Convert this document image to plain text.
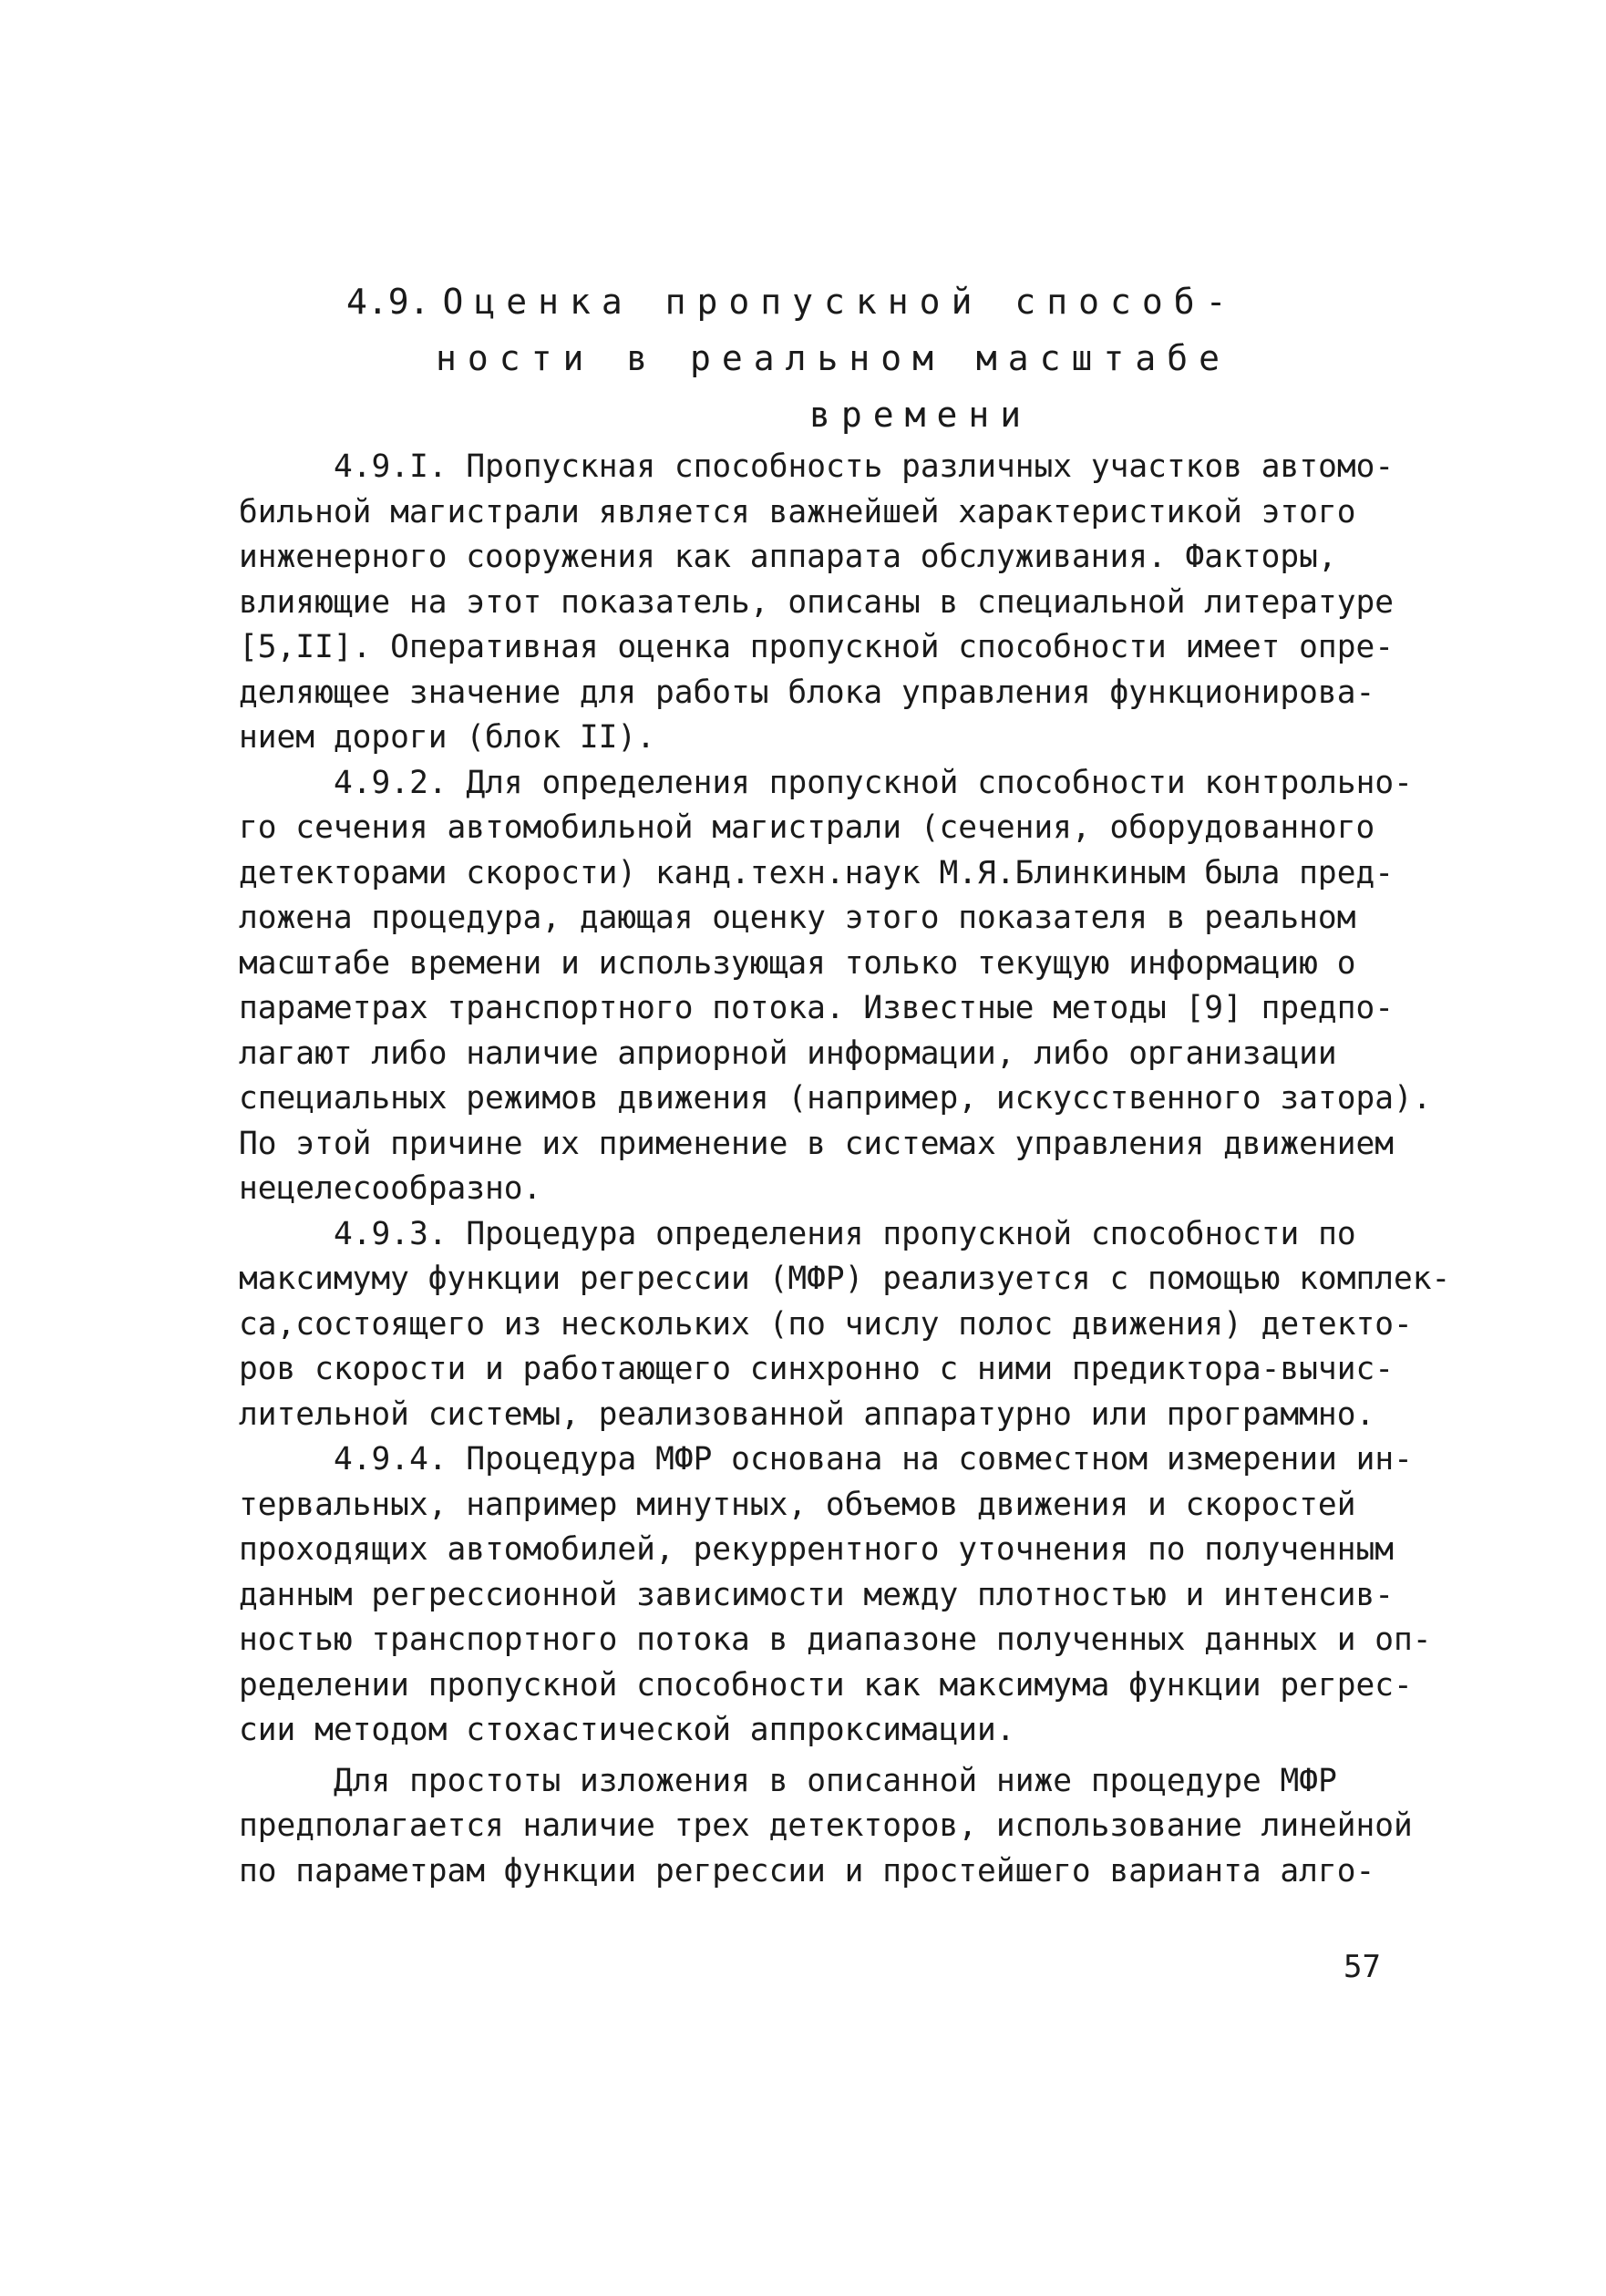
4.9. Оценка пропускной способ-
ности в реальном масштабе
времени
4.9.I. Пропускная способность различных участков автомо-
бильной магистрали является важнейшей характеристикой этого
инженерного сооружения как аппарата обслуживания. Факторы,
влияющие на этот показатель, описаны в специальной литературе
[5,II]. Оперативная оценка пропускной способности имеет опре-
деляющее значение для работы блока управления функционирова-
нием дороги (блок II).
4.9.2. Для определения пропускной способности контрольно-
го сечения автомобильной магистрали (сечения, оборудованного
детекторами скорости) канд.техн.наук М.Я.Блинкиным была пред-
ложена процедура, дающая оценку этого показателя в реальном
масштабе времени и использующая только текущую информацию о
параметрах транспортного потока. Известные методы [9] предпо-
лагают либо наличие априорной информации, либо организации
специальных режимов движения (например, искусственного затора).
По этой причине их применение в системах управления движением
нецелесообразно.
4.9.3. Процедура определения пропускной способности по
максимуму функции регрессии (МФР) реализуется с помощью комплек-
са,состоящего из нескольких (по числу полос движения) детекто-
ров скорости и работающего синхронно с ними предиктора-вычис-
лительной системы, реализованной аппаратурно или программно.
4.9.4. Процедура МФР основана на совместном измерении ин-
тервальных, например минутных, объемов движения и скоростей
проходящих автомобилей, рекуррентного уточнения по полученным
данным регрессионной зависимости между плотностью и интенсив-
ностью транспортного потока в диапазоне полученных данных и оп-
ределении пропускной способности как максимума функции регрес-
сии методом стохастической аппроксимации.
Для простоты изложения в описанной ниже процедуре МФР
предполагается наличие трех детекторов, использование линейной
по параметрам функции регрессии и простейшего варианта алго-
57
